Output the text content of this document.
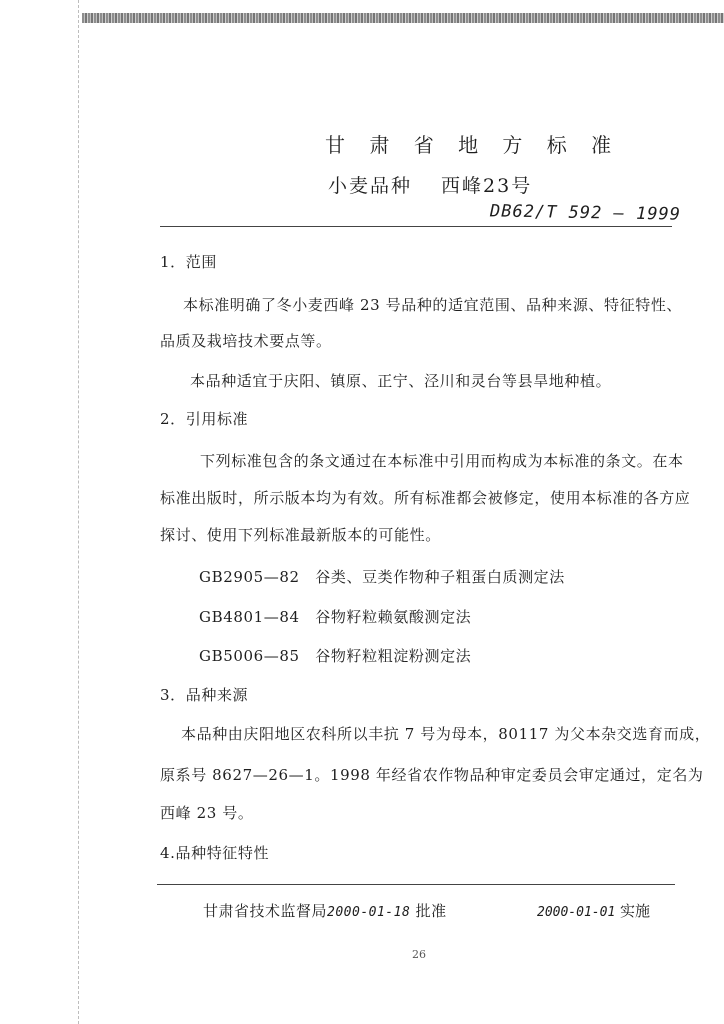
甘 肃 省 地 方 标 准
小麦品种　 西峰23号
DB62/T 592 — 1999
1．范围
本标准明确了冬小麦西峰 23 号品种的适宜范围、品种来源、特征特性、
品质及栽培技术要点等。
本品种适宜于庆阳、镇原、正宁、泾川和灵台等县旱地种植。
2．引用标准
下列标准包含的条文通过在本标准中引用而构成为本标准的条文。在本
标准出版时，所示版本均为有效。所有标准都会被修定，使用本标准的各方应
探讨、使用下列标准最新版本的可能性。
GB2905—82　谷类、豆类作物种子粗蛋白质测定法
GB4801—84　谷物籽粒赖氨酸测定法
GB5006—85　谷物籽粒粗淀粉测定法
3．品种来源
本品种由庆阳地区农科所以丰抗 7 号为母本，80117 为父本杂交选育而成，
原系号 8627—26—1。1998 年经省农作物品种审定委员会审定通过，定名为
西峰 23 号。
4.品种特征特性
甘肃省技术监督局2000-01-18 批准	2000-01-01 实施
26
